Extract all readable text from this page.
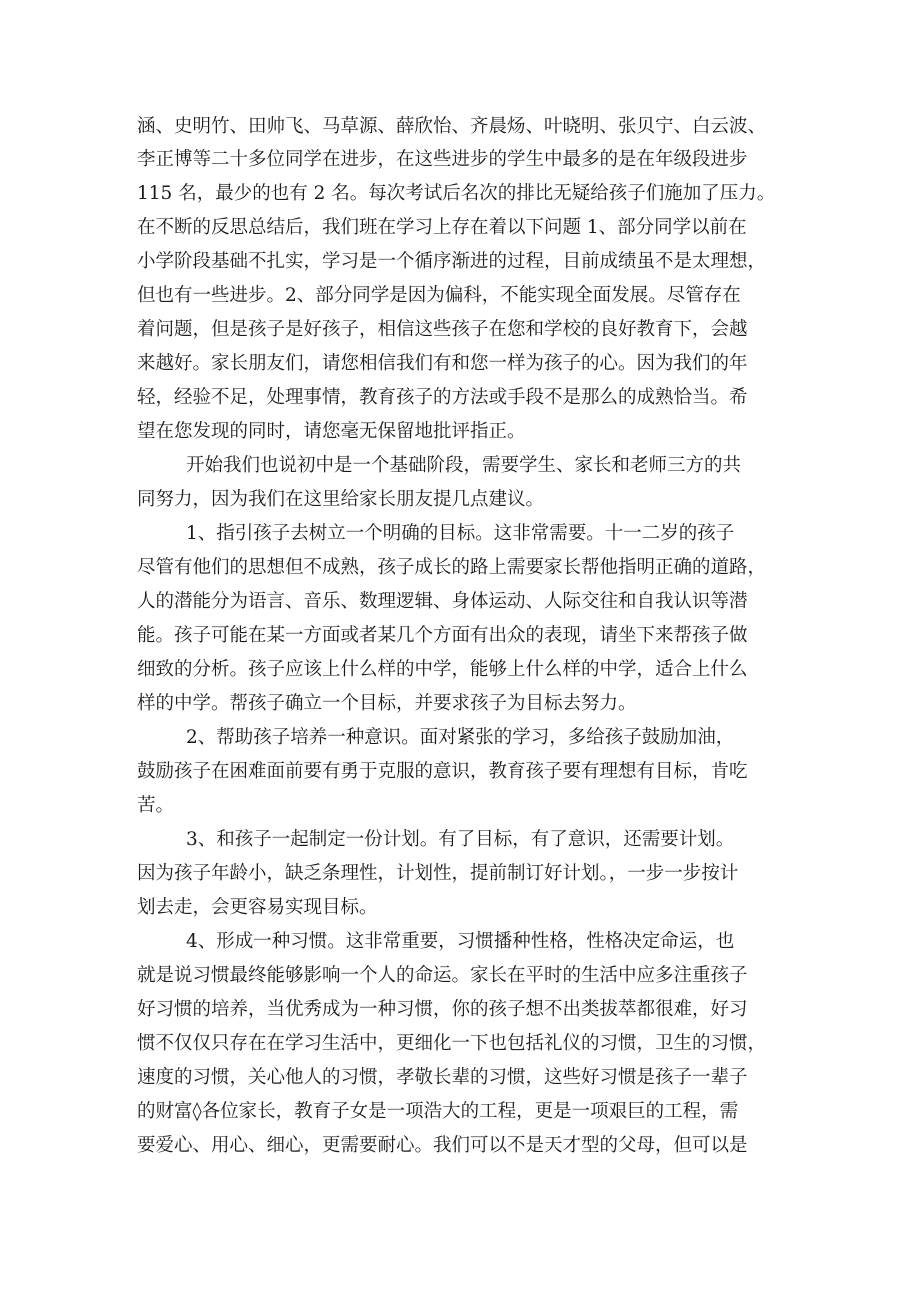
涵、史明竹、田帅飞、马草源、薛欣怡、齐晨炀、叶晓明、张贝宁、白云波、
李正博等二十多位同学在进步，在这些进步的学生中最多的是在年级段进步
115 名，最少的也有 2 名。每次考试后名次的排比无疑给孩子们施加了压力。
在不断的反思总结后，我们班在学习上存在着以下问题 1、部分同学以前在
小学阶段基础不扎实，学习是一个循序渐进的过程，目前成绩虽不是太理想，
但也有一些进步。2、部分同学是因为偏科，不能实现全面发展。尽管存在
着问题，但是孩子是好孩子，相信这些孩子在您和学校的良好教育下，会越
来越好。家长朋友们，请您相信我们有和您一样为孩子的心。因为我们的年
轻，经验不足，处理事情，教育孩子的方法或手段不是那么的成熟恰当。希
望在您发现的同时，请您毫无保留地批评指正。
开始我们也说初中是一个基础阶段，需要学生、家长和老师三方的共
同努力，因为我们在这里给家长朋友提几点建议。
1、指引孩子去树立一个明确的目标。这非常需要。十一二岁的孩子
尽管有他们的思想但不成熟，孩子成长的路上需要家长帮他指明正确的道路，
人的潜能分为语言、音乐、数理逻辑、身体运动、人际交往和自我认识等潜
能。孩子可能在某一方面或者某几个方面有出众的表现，请坐下来帮孩子做
细致的分析。孩子应该上什么样的中学，能够上什么样的中学，适合上什么
样的中学。帮孩子确立一个目标，并要求孩子为目标去努力。
2、帮助孩子培养一种意识。面对紧张的学习，多给孩子鼓励加油，
鼓励孩子在困难面前要有勇于克服的意识，教育孩子要有理想有目标，肯吃
苦。
3、和孩子一起制定一份计划。有了目标，有了意识，还需要计划。
因为孩子年龄小，缺乏条理性，计划性，提前制订好计划。，一步一步按计
划去走，会更容易实现目标。
4、形成一种习惯。这非常重要，习惯播种性格，性格决定命运，也
就是说习惯最终能够影响一个人的命运。家长在平时的生活中应多注重孩子
好习惯的培养，当优秀成为一种习惯，你的孩子想不出类拔萃都很难，好习
惯不仅仅只存在在学习生活中，更细化一下也包括礼仪的习惯，卫生的习惯，
速度的习惯，关心他人的习惯，孝敬长辈的习惯，这些好习惯是孩子一辈子
的财富◊各位家长，教育子女是一项浩大的工程，更是一项艰巨的工程，需
要爱心、用心、细心，更需要耐心。我们可以不是天才型的父母，但可以是
